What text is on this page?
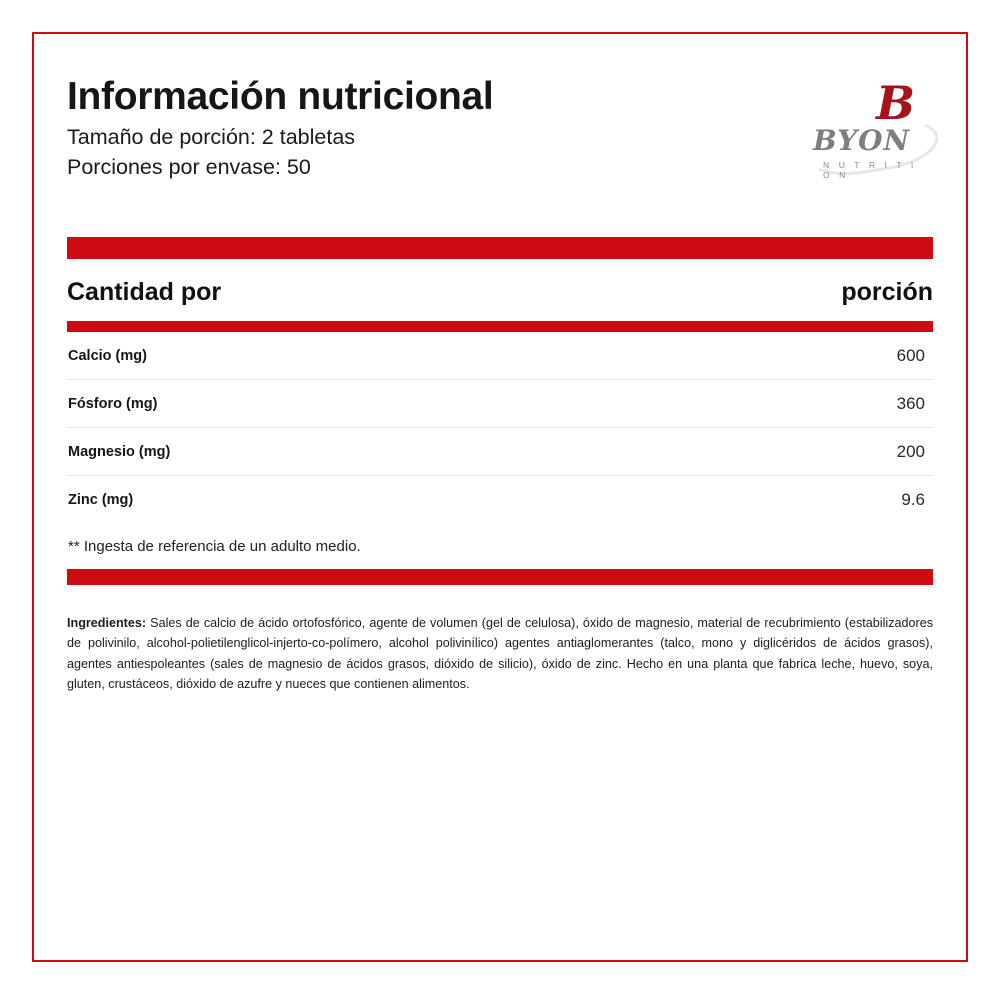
Información nutricional
Tamaño de porción: 2 tabletas
Porciones por envase: 50
B
BYON
N U T R I T I O N
Cantidad por	porción
Calcio (mg)	600
Fósforo (mg)	360
Magnesio (mg)	200
Zinc (mg)	9.6
** Ingesta de referencia de un adulto medio.
Ingredientes: Sales de calcio de ácido ortofosfórico, agente de volumen (gel de celulosa), óxido de magnesio, material de recubrimiento (estabilizadores de polivinilo, alcohol-polietilenglicol-injerto-co-polímero, alcohol polivinílico) agentes antiaglomerantes (talco, mono y diglicéridos de ácidos grasos), agentes antiespoleantes (sales de magnesio de ácidos grasos, dióxido de silicio), óxido de zinc. Hecho en una planta que fabrica leche, huevo, soya, gluten, crustáceos, dióxido de azufre y nueces que contienen alimentos.
